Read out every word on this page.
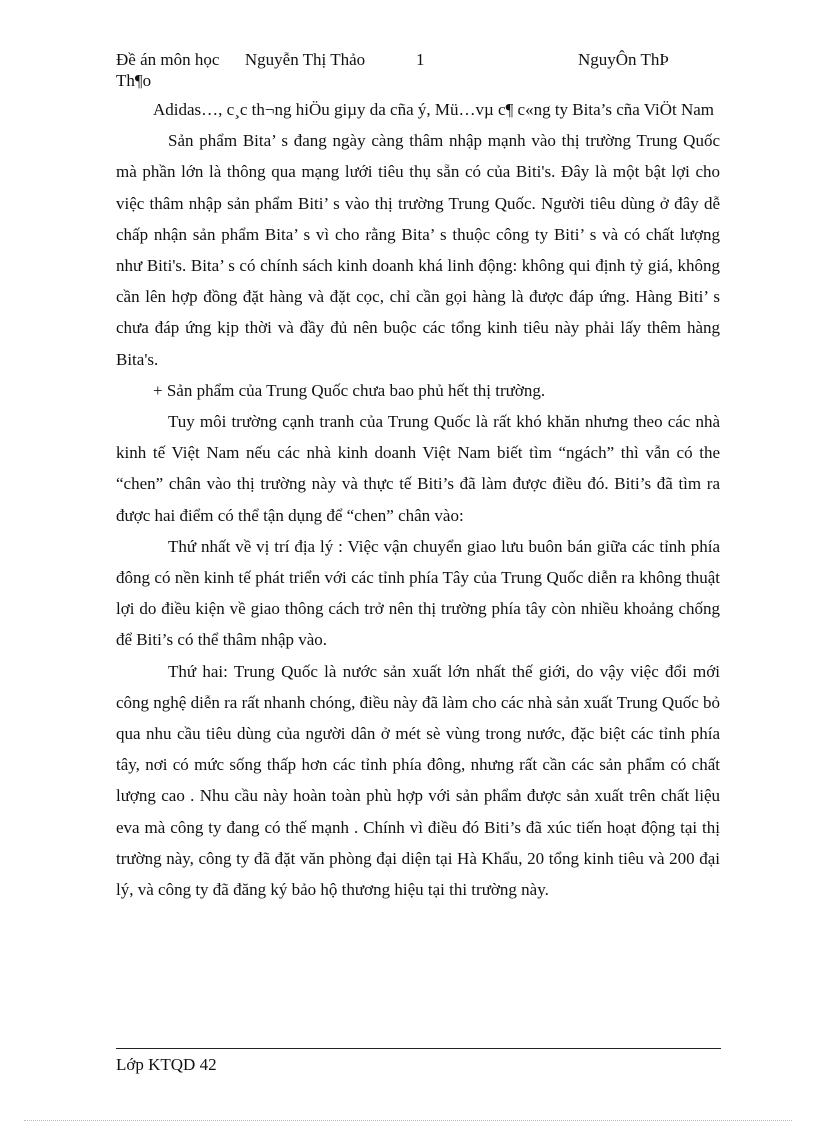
Đề án môn học      Nguyễn Thị Thảo	1	NguyÔn ThÞ
Th¶o

Adidas…, c¸c th¬ng hiÖu giµy da cña ý, Mü…vµ c¶ c«ng ty Bita’s cña ViÖt Nam

Sản phẩm Bita’ s đang ngày càng thâm nhập mạnh vào thị trường Trung Quốc mà phần lớn là thông qua mạng lưới tiêu thụ sẵn có của Biti's. Đây là một bật lợi cho việc thâm nhập sản phẩm Biti’ s vào thị trường Trung Quốc. Người tiêu dùng ở đây dễ chấp nhận sản phẩm Bita’ s vì cho rằng Bita’ s thuộc công ty Biti’ s và có chất lượng như Biti's. Bita’ s có chính sách kinh doanh khá linh động: không qui định tỷ giá, không cần lên hợp đồng đặt hàng và đặt cọc, chỉ cần gọi hàng là được đáp ứng. Hàng Biti’ s chưa đáp ứng kịp thời và đầy đủ nên buộc các tổng kinh tiêu này phải lấy thêm hàng Bita's.

+ Sản phẩm của Trung Quốc chưa bao phủ hết thị trường.

Tuy môi trường cạnh tranh của Trung Quốc là rất khó khăn nhưng theo các nhà kinh tế Việt Nam nếu các nhà kinh doanh Việt Nam biết tìm “ngách” thì vẫn có the “chen” chân vào thị trường này và thực tế Biti’s đã làm được điều đó. Biti’s đã tìm ra được hai điểm có thể tận dụng để “chen” chân vào:

Thứ nhất về vị trí địa lý : Việc vận chuyển giao lưu buôn bán giữa các tỉnh phía đông có nền kinh tế phát triển với các tỉnh phía Tây của Trung Quốc diễn ra không thuật lợi do điều kiện về giao thông cách trở nên thị trường phía tây còn nhiều khoảng chống để Biti’s có thể thâm nhập vào.

Thứ hai: Trung Quốc là nước sản xuất lớn nhất thế giới, do vậy việc đổi mới công nghệ diễn ra rất nhanh chóng, điều này đã làm cho các nhà sản xuất Trung Quốc bỏ qua nhu cầu tiêu dùng của người dân ở mét sè vùng trong nước, đặc biệt các tỉnh phía tây, nơi có mức sống thấp hơn các tỉnh phía đông, nhưng rất cần các sản phẩm có chất lượng cao . Nhu cầu này hoàn toàn phù hợp với sản phẩm được sản xuất trên chất liệu eva mà công ty đang có thế mạnh . Chính vì điều đó Biti’s đã xúc tiến hoạt động tại thị trường này, công ty đã đặt văn phòng đại diện tại Hà Khẩu, 20 tổng kinh tiêu và 200 đại lý, và công ty đã đăng ký bảo hộ thương hiệu tại thi trường này.

Lớp KTQD 42
